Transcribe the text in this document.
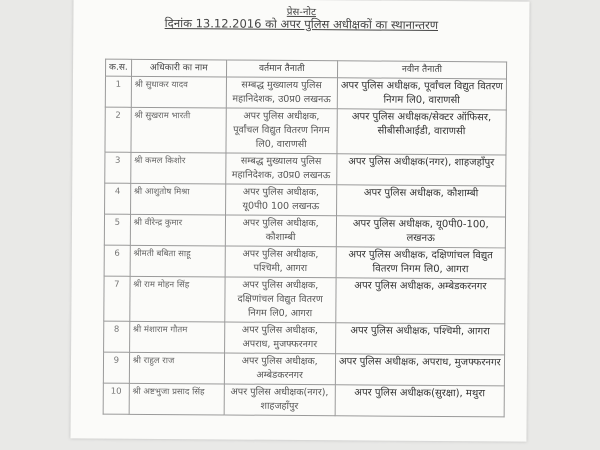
प्रेस-नोट
दिनांक 13.12.2016 को अपर पुलिस अधीक्षकों का स्थानान्तरण
क.स.	अधिकारी का नाम	वर्तमान तैनाती	नवीन तैनाती
1	श्री सुधाकर यादव	सम्बद्ध मुख्यालय पुलिस महानिदेशक, उ0प्र0 लखनऊ	अपर पुलिस अधीक्षक, पूर्वांचल विद्युत वितरण निगम लि0, वाराणसी
2	श्री सुखराम भारती	अपर पुलिस अधीक्षक, पूर्वांचल विद्युत वितरण निगम लि0, वाराणसी	अपर पुलिस अधीक्षक/सेक्टर ऑफिसर, सीबीसीआईडी, वाराणसी
3	श्री कमल किशोर	सम्बद्ध मुख्यालय पुलिस महानिदेशक, उ0प्र0 लखनऊ	अपर पुलिस अधीक्षक(नगर), शाहजहाँपुर
4	श्री आशुतोष मिश्रा	अपर पुलिस अधीक्षक, यू0पी0 100 लखनऊ	अपर पुलिस अधीक्षक, कौशाम्बी
5	श्री वीरेन्द्र कुमार	अपर पुलिस अधीक्षक, कौशाम्बी	अपर पुलिस अधीक्षक, यू0पी0-100, लखनऊ
6	श्रीमती बबिता साहू	अपर पुलिस अधीक्षक, पश्चिमी, आगरा	अपर पुलिस अधीक्षक, दक्षिणांचल विद्युत वितरण निगम लि0, आगरा
7	श्री राम मोहन सिंह	अपर पुलिस अधीक्षक, दक्षिणांचल विद्युत वितरण निगम लि0, आगरा	अपर पुलिस अधीक्षक, अम्बेडकरनगर
8	श्री मंशाराम गौतम	अपर पुलिस अधीक्षक, अपराध, मुजफ्फरनगर	अपर पुलिस अधीक्षक, पश्चिमी, आगरा
9	श्री राहुल राज	अपर पुलिस अधीक्षक, अम्बेडकरनगर	अपर पुलिस अधीक्षक, अपराध, मुजफ्फरनगर
10	श्री अष्टभुजा प्रसाद सिंह	अपर पुलिस अधीक्षक(नगर), शाहजहाँपुर	अपर पुलिस अधीक्षक(सुरक्षा), मथुरा
